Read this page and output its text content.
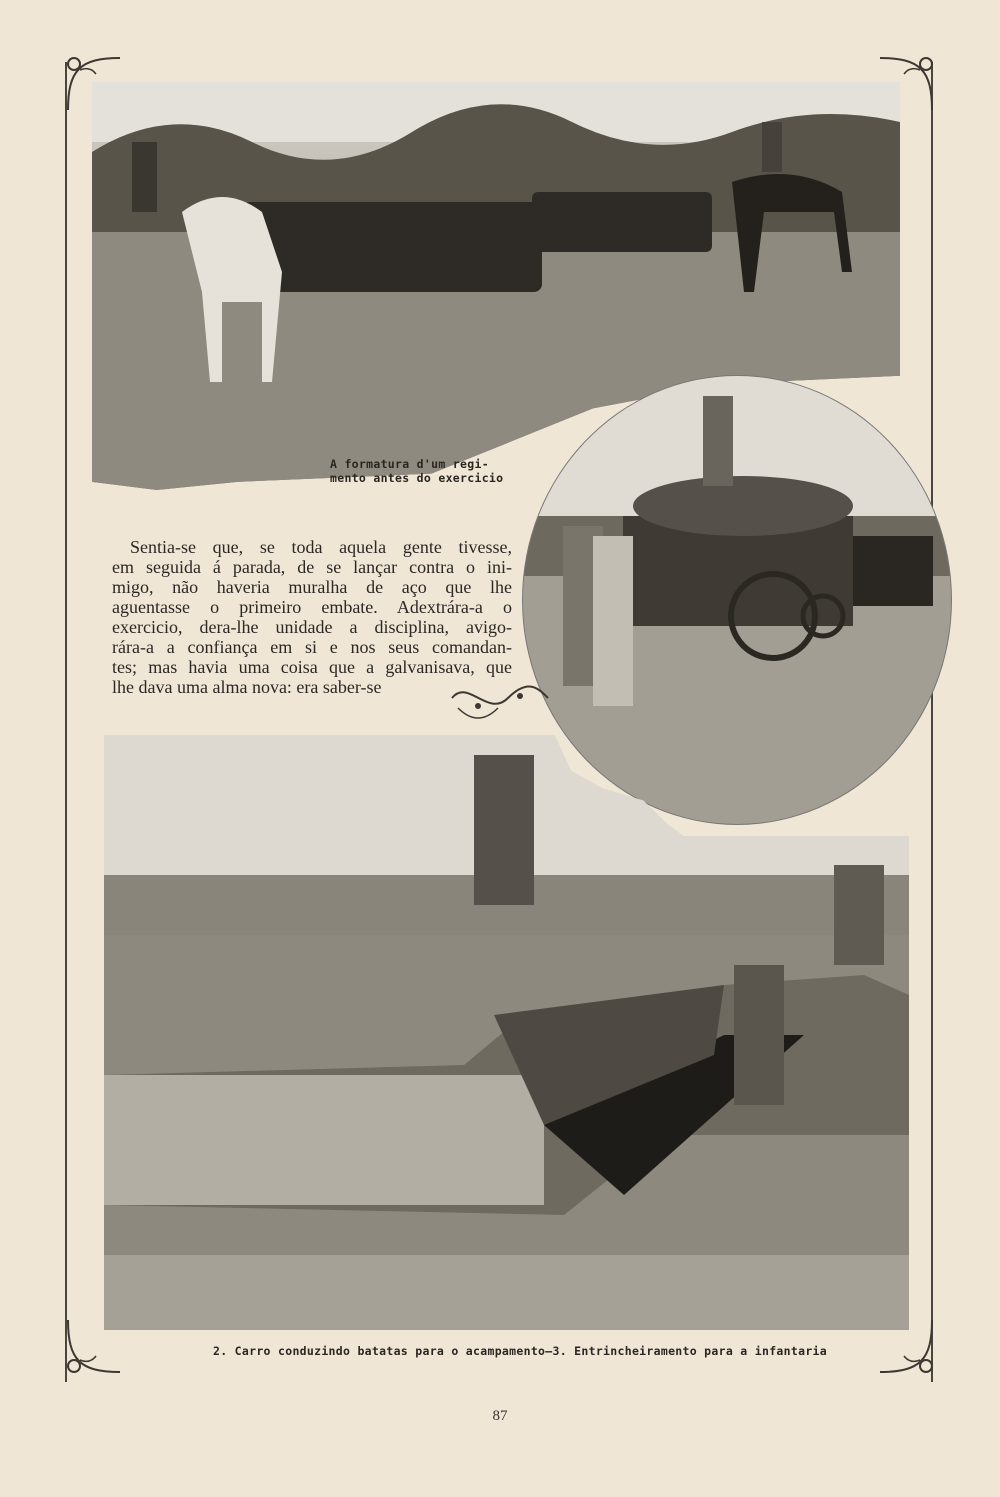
A formatura d'um regi-
mento antes do exercicio
Sentia-se que, se toda aquela gente tivesse,
em seguida á parada, de se lançar contra o ini-
migo, não haveria muralha de aço que lhe
aguentasse o primeiro embate. Adextrára-a o
exercicio, dera-lhe unidade a disciplina, avigo-
rára-a a confiança em si e nos seus comandan-
tes; mas havia uma coisa que a galvanisava, que
lhe dava uma alma nova: era saber-se
2. Carro conduzindo batatas para o acampamento—3. Entrincheiramento para a infantaria
87
